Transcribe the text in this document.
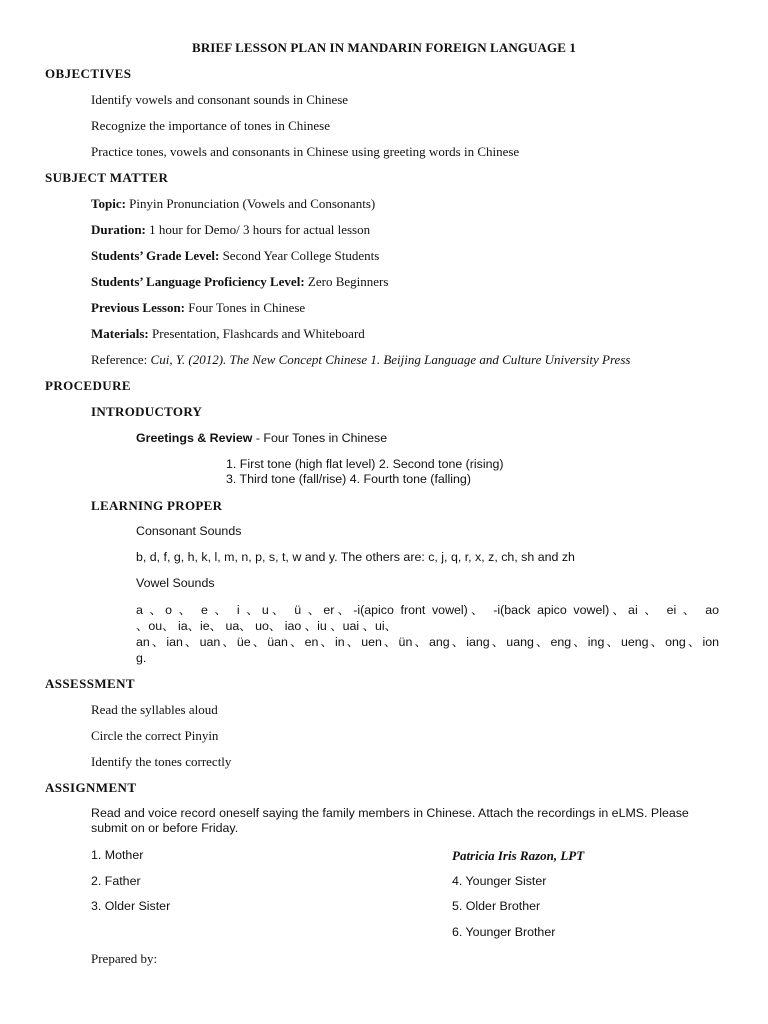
BRIEF LESSON PLAN IN MANDARIN FOREIGN LANGUAGE 1
OBJECTIVES
Identify vowels and consonant sounds in Chinese
Recognize the importance of tones in Chinese
Practice tones, vowels and consonants in Chinese using greeting words in Chinese
SUBJECT MATTER
Topic: Pinyin Pronunciation (Vowels and Consonants)
Duration: 1 hour for Demo/ 3 hours for actual lesson
Students’ Grade Level: Second Year College Students
Students’ Language Proficiency Level: Zero Beginners
Previous Lesson: Four Tones in Chinese
Materials: Presentation, Flashcards and Whiteboard
Reference: Cui, Y. (2012). The New Concept Chinese 1. Beijing Language and Culture University Press
PROCEDURE
INTRODUCTORY
Greetings & Review - Four Tones in Chinese
1. First tone (high flat level) 2. Second tone (rising)
3. Third tone (fall/rise) 4. Fourth tone (falling)
LEARNING PROPER
Consonant Sounds
b, d, f, g, h, k, l, m, n, p, s, t, w and y. The others are: c, j, q, r, x, z, ch, sh and zh
Vowel Sounds
a 、o 、 e 、 i 、u、 ü 、er、-i(apico front vowel)、 -i(back apico vowel)、ai 、 ei 、 ao
、ou、 ia、ie、 ua、 uo、 iao 、iu 、uai 、ui、
an、ian、uan、üe、üan、en、in、uen、ün、ang、iang、uang、eng、ing、ueng、ong、ion
g.
ASSESSMENT
Read the syllables aloud
Circle the correct Pinyin
Identify the tones correctly
ASSIGNMENT
Read and voice record oneself saying the family members in Chinese. Attach the recordings in eLMS. Please submit on or before Friday.
1. Mother
2. Father
3. Older Sister
Patricia Iris Razon, LPT
4. Younger Sister
5. Older Brother
6. Younger Brother
Prepared by:
